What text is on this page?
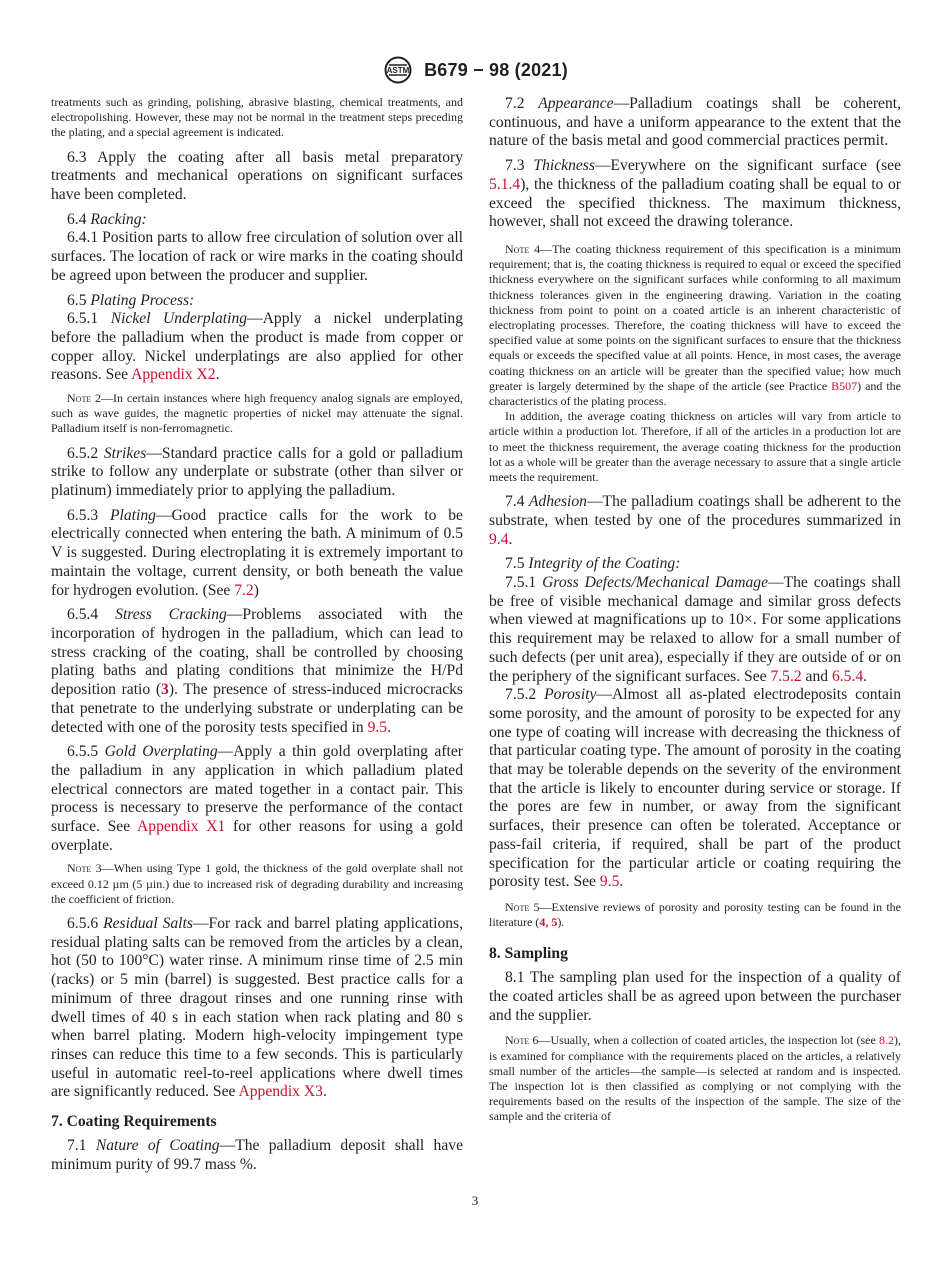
ASTM B679 − 98 (2021)
treatments such as grinding, polishing, abrasive blasting, chemical treatments, and electropolishing. However, these may not be normal in the treatment steps preceding the plating, and a special agreement is indicated.
6.3 Apply the coating after all basis metal preparatory treatments and mechanical operations on significant surfaces have been completed.
6.4 Racking:
6.4.1 Position parts to allow free circulation of solution over all surfaces. The location of rack or wire marks in the coating should be agreed upon between the producer and supplier.
6.5 Plating Process:
6.5.1 Nickel Underplating—Apply a nickel underplating before the palladium when the product is made from copper or copper alloy. Nickel underplatings are also applied for other reasons. See Appendix X2.
Note 2—In certain instances where high frequency analog signals are employed, such as wave guides, the magnetic properties of nickel may attenuate the signal. Palladium itself is non-ferromagnetic.
6.5.2 Strikes—Standard practice calls for a gold or palladium strike to follow any underplate or substrate (other than silver or platinum) immediately prior to applying the palladium.
6.5.3 Plating—Good practice calls for the work to be electrically connected when entering the bath. A minimum of 0.5 V is suggested. During electroplating it is extremely important to maintain the voltage, current density, or both beneath the value for hydrogen evolution. (See 7.2)
6.5.4 Stress Cracking—Problems associated with the incorporation of hydrogen in the palladium, which can lead to stress cracking of the coating, shall be controlled by choosing plating baths and plating conditions that minimize the H/Pd deposition ratio (3). The presence of stress-induced microcracks that penetrate to the underlying substrate or underplating can be detected with one of the porosity tests specified in 9.5.
6.5.5 Gold Overplating—Apply a thin gold overplating after the palladium in any application in which palladium plated electrical connectors are mated together in a contact pair. This process is necessary to preserve the performance of the contact surface. See Appendix X1 for other reasons for using a gold overplate.
Note 3—When using Type 1 gold, the thickness of the gold overplate shall not exceed 0.12 µm (5 µin.) due to increased risk of degrading durability and increasing the coefficient of friction.
6.5.6 Residual Salts—For rack and barrel plating applications, residual plating salts can be removed from the articles by a clean, hot (50 to 100°C) water rinse. A minimum rinse time of 2.5 min (racks) or 5 min (barrel) is suggested. Best practice calls for a minimum of three dragout rinses and one running rinse with dwell times of 40 s in each station when rack plating and 80 s when barrel plating. Modern high-velocity impingement type rinses can reduce this time to a few seconds. This is particularly useful in automatic reel-to-reel applications where dwell times are significantly reduced. See Appendix X3.
7. Coating Requirements
7.1 Nature of Coating—The palladium deposit shall have minimum purity of 99.7 mass %.
7.2 Appearance—Palladium coatings shall be coherent, continuous, and have a uniform appearance to the extent that the nature of the basis metal and good commercial practices permit.
7.3 Thickness—Everywhere on the significant surface (see 5.1.4), the thickness of the palladium coating shall be equal to or exceed the specified thickness. The maximum thickness, however, shall not exceed the drawing tolerance.
Note 4—The coating thickness requirement of this specification is a minimum requirement; that is, the coating thickness is required to equal or exceed the specified thickness everywhere on the significant surfaces while conforming to all maximum thickness tolerances given in the engineering drawing. Variation in the coating thickness from point to point on a coated article is an inherent characteristic of electroplating processes. Therefore, the coating thickness will have to exceed the specified value at some points on the significant surfaces to ensure that the thickness equals or exceeds the specified value at all points. Hence, in most cases, the average coating thickness on an article will be greater than the specified value; how much greater is largely determined by the shape of the article (see Practice B507) and the characteristics of the plating process.
In addition, the average coating thickness on articles will vary from article to article within a production lot. Therefore, if all of the articles in a production lot are to meet the thickness requirement, the average coating thickness for the production lot as a whole will be greater than the average necessary to assure that a single article meets the requirement.
7.4 Adhesion—The palladium coatings shall be adherent to the substrate, when tested by one of the procedures summarized in 9.4.
7.5 Integrity of the Coating:
7.5.1 Gross Defects/Mechanical Damage—The coatings shall be free of visible mechanical damage and similar gross defects when viewed at magnifications up to 10×. For some applications this requirement may be relaxed to allow for a small number of such defects (per unit area), especially if they are outside of or on the periphery of the significant surfaces. See 7.5.2 and 6.5.4.
7.5.2 Porosity—Almost all as-plated electrodeposits contain some porosity, and the amount of porosity to be expected for any one type of coating will increase with decreasing the thickness of that particular coating type. The amount of porosity in the coating that may be tolerable depends on the severity of the environment that the article is likely to encounter during service or storage. If the pores are few in number, or away from the significant surfaces, their presence can often be tolerated. Acceptance or pass-fail criteria, if required, shall be part of the product specification for the particular article or coating requiring the porosity test. See 9.5.
Note 5—Extensive reviews of porosity and porosity testing can be found in the literature (4, 5).
8. Sampling
8.1 The sampling plan used for the inspection of a quality of the coated articles shall be as agreed upon between the purchaser and the supplier.
Note 6—Usually, when a collection of coated articles, the inspection lot (see 8.2), is examined for compliance with the requirements placed on the articles, a relatively small number of the articles—the sample—is selected at random and is inspected. The inspection lot is then classified as complying or not complying with the requirements based on the results of the inspection of the sample. The size of the sample and the criteria of
3
